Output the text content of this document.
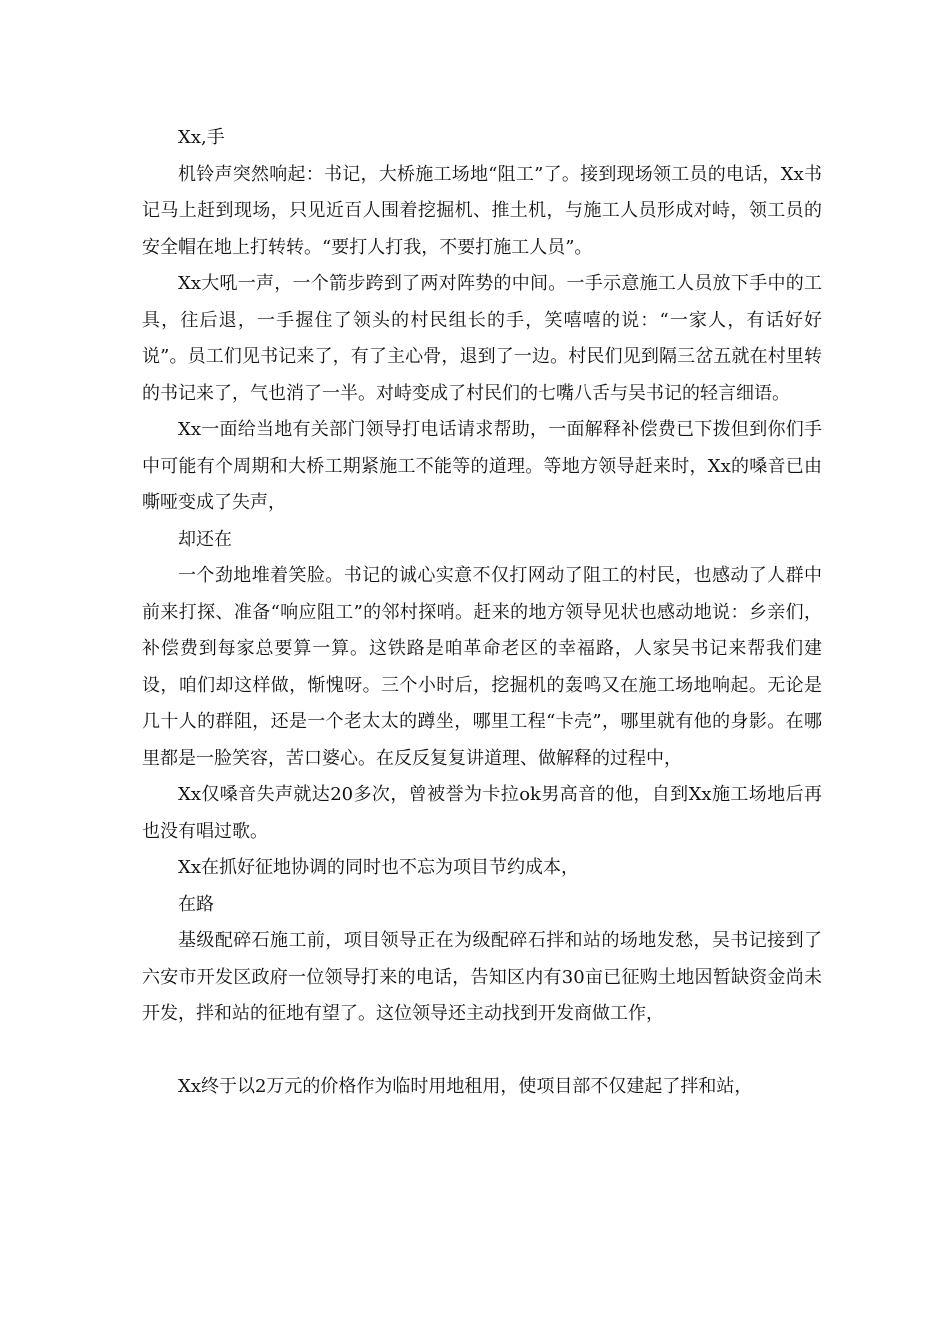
Xx,手

机铃声突然响起：书记，大桥施工场地“阻工”了。接到现场领工员的电话，Xx书记马上赶到现场，只见近百人围着挖掘机、推土机，与施工人员形成对峙，领工员的安全帽在地上打转转。“要打人打我，不要打施工人员”。

Xx大吼一声，一个箭步跨到了两对阵势的中间。一手示意施工人员放下手中的工具，往后退，一手握住了领头的村民组长的手，笑嘻嘻的说：“一家人，有话好好说”。员工们见书记来了，有了主心骨，退到了一边。村民们见到隔三岔五就在村里转的书记来了，气也消了一半。对峙变成了村民们的七嘴八舌与吴书记的轻言细语。

Xx一面给当地有关部门领导打电话请求帮助，一面解释补偿费已下拨但到你们手中可能有个周期和大桥工期紧施工不能等的道理。等地方领导赶来时，Xx的嗓音已由嘶哑变成了失声，

却还在

一个劲地堆着笑脸。书记的诚心实意不仅打网动了阻工的村民，也感动了人群中前来打探、准备“响应阻工”的邻村探哨。赶来的地方领导见状也感动地说：乡亲们，补偿费到每家总要算一算。这铁路是咱革命老区的幸福路，人家吴书记来帮我们建设，咱们却这样做，惭愧呀。三个小时后，挖掘机的轰鸣又在施工场地响起。无论是几十人的群阻，还是一个老太太的蹲坐，哪里工程“卡壳”，哪里就有他的身影。在哪里都是一脸笑容，苦口婆心。在反反复复讲道理、做解释的过程中，

Xx仅嗓音失声就达20多次，曾被誉为卡拉ok男高音的他，自到Xx施工场地后再也没有唱过歌。

Xx在抓好征地协调的同时也不忘为项目节约成本，

在路

基级配碎石施工前，项目领导正在为级配碎石拌和站的场地发愁，吴书记接到了六安市开发区政府一位领导打来的电话，告知区内有30亩已征购土地因暂缺资金尚未开发，拌和站的征地有望了。这位领导还主动找到开发商做工作，

Xx终于以2万元的价格作为临时用地租用，使项目部不仅建起了拌和站，
